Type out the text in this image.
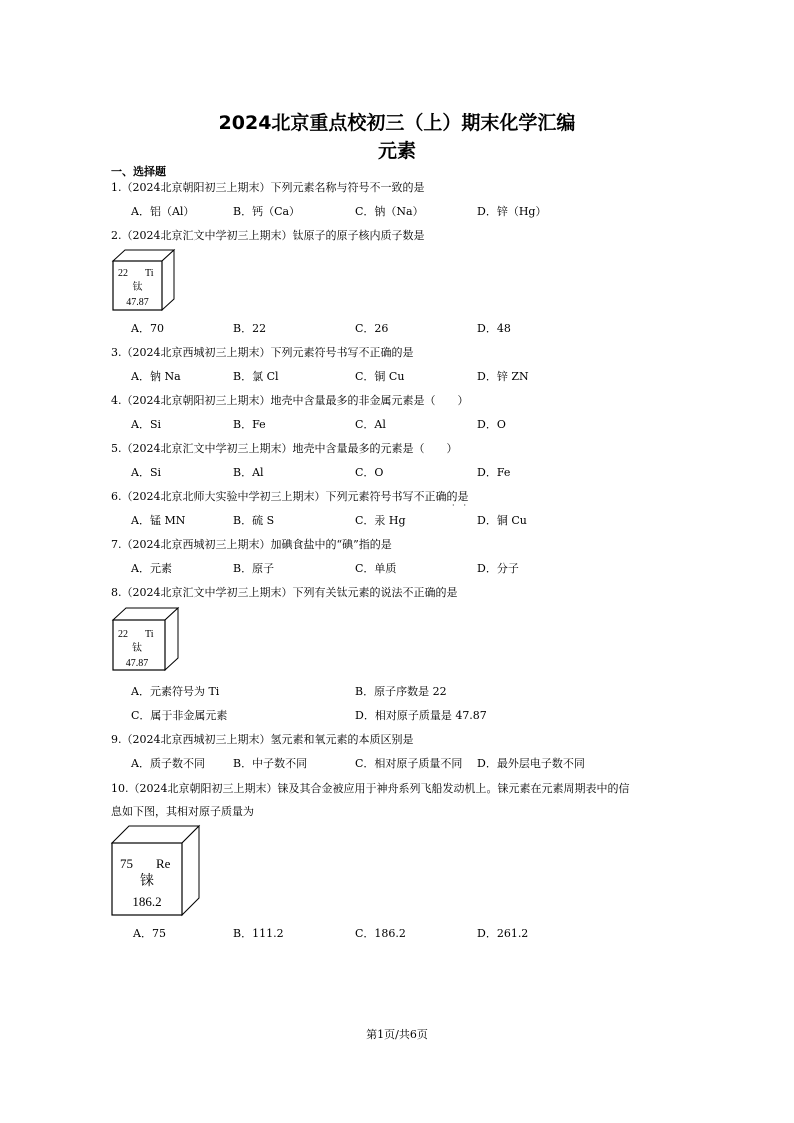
2024北京重点校初三（上）期末化学汇编
元素
一、选择题
1.（2024北京朝阳初三上期末）下列元素名称与符号不一致的是
A．铝（Al）	B．钙（Ca）	C．钠（Na）	D．锌（Hg）
2.（2024北京汇文中学初三上期末）钛原子的原子核内质子数是
22 Ti
钛
47.87
A．70	B．22	C．26	D．48
3.（2024北京西城初三上期末）下列元素符号书写不正确的是
A．钠 Na	B．氯 Cl	C．铜 Cu	D．锌 ZN
4.（2024北京朝阳初三上期末）地壳中含量最多的非金属元素是（　　）
A．Si	B．Fe	C．Al	D．O
5.（2024北京汇文中学初三上期末）地壳中含量最多的元素是（　　）
A．Si	B．Al	C．O	D．Fe
6.（2024北京北师大实验中学初三上期末）下列元素符号书写不正确的是
··
A．锰 MN	B．硫 S	C．汞 Hg	D．铜 Cu
7.（2024北京西城初三上期末）加碘食盐中的“碘”指的是
A．元素	B．原子	C．单质	D．分子
8.（2024北京汇文中学初三上期末）下列有关钛元素的说法不正确的是
22 Ti
钛
47.87
A．元素符号为 Ti	B．原子序数是 22
C．属于非金属元素	D．相对原子质量是 47.87
9.（2024北京西城初三上期末）氢元素和氧元素的本质区别是
A．质子数不同	B．中子数不同	C．相对原子质量不同 D．最外层电子数不同
10.（2024北京朝阳初三上期末）铼及其合金被应用于神舟系列飞船发动机上。铼元素在元素周期表中的信
息如下图，其相对原子质量为
75 Re
铼
186.2
A．75	B．111.2	C．186.2	D．261.2
第1页/共6页
